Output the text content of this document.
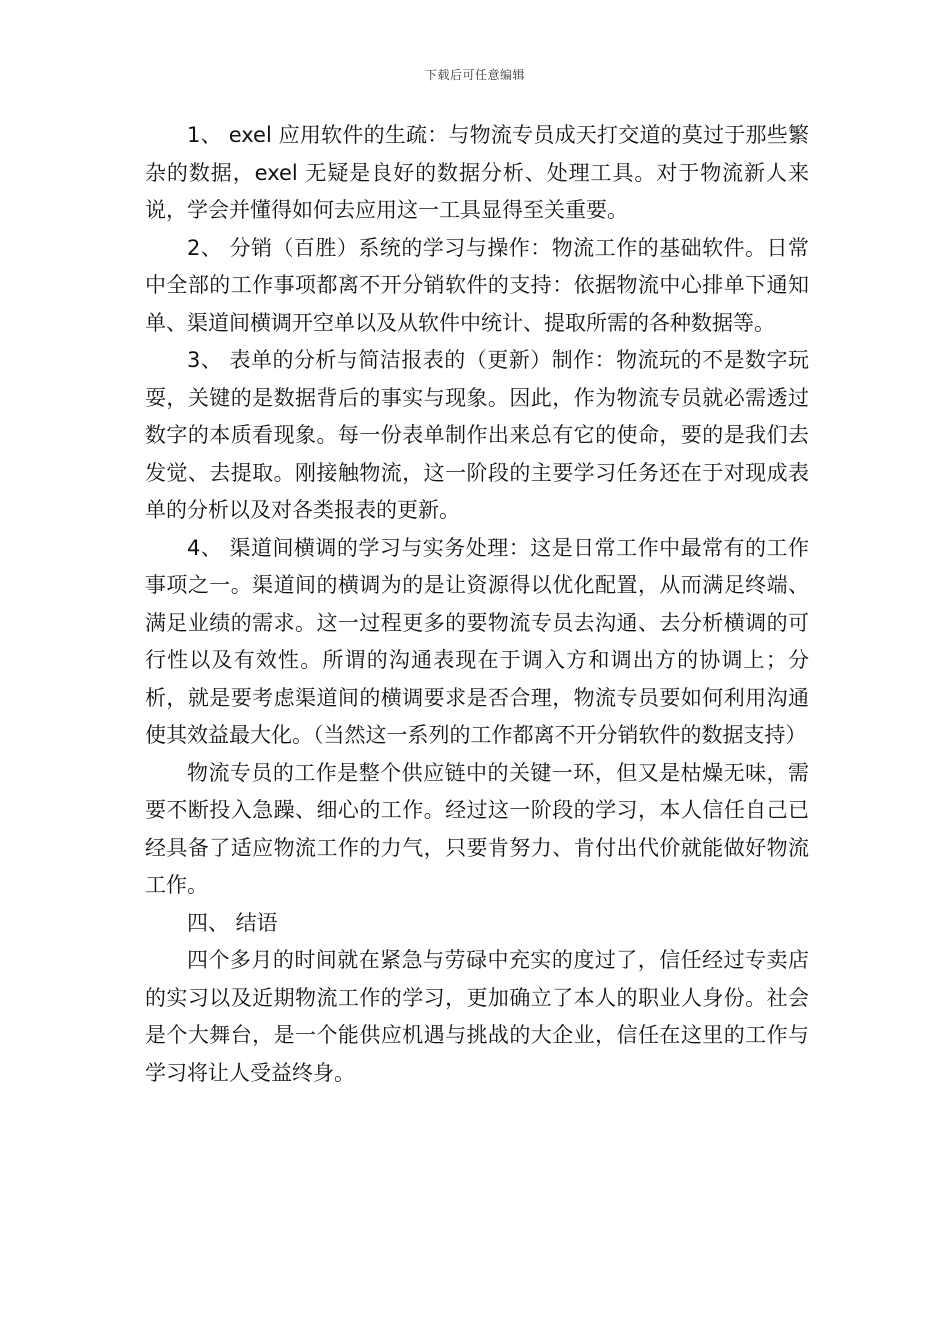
下载后可任意编辑

1、 exel 应用软件的生疏：与物流专员成天打交道的莫过于那些繁杂的数据，exel 无疑是良好的数据分析、处理工具。对于物流新人来说，学会并懂得如何去应用这一工具显得至关重要。

2、 分销（百胜）系统的学习与操作：物流工作的基础软件。日常中全部的工作事项都离不开分销软件的支持：依据物流中心排单下通知单、渠道间横调开空单以及从软件中统计、提取所需的各种数据等。

3、 表单的分析与简洁报表的（更新）制作：物流玩的不是数字玩耍，关键的是数据背后的事实与现象。因此，作为物流专员就必需透过数字的本质看现象。每一份表单制作出来总有它的使命，要的是我们去发觉、去提取。刚接触物流，这一阶段的主要学习任务还在于对现成表单的分析以及对各类报表的更新。

4、 渠道间横调的学习与实务处理：这是日常工作中最常有的工作事项之一。渠道间的横调为的是让资源得以优化配置，从而满足终端、满足业绩的需求。这一过程更多的要物流专员去沟通、去分析横调的可行性以及有效性。所谓的沟通表现在于调入方和调出方的协调上；分析，就是要考虑渠道间的横调要求是否合理，物流专员要如何利用沟通使其效益最大化。（当然这一系列的工作都离不开分销软件的数据支持）

物流专员的工作是整个供应链中的关键一环，但又是枯燥无味，需要不断投入急躁、细心的工作。经过这一阶段的学习，本人信任自己已经具备了适应物流工作的力气，只要肯努力、肯付出代价就能做好物流工作。

四、 结语

四个多月的时间就在紧急与劳碌中充实的度过了，信任经过专卖店的实习以及近期物流工作的学习，更加确立了本人的职业人身份。社会是个大舞台，是一个能供应机遇与挑战的大企业，信任在这里的工作与学习将让人受益终身。
